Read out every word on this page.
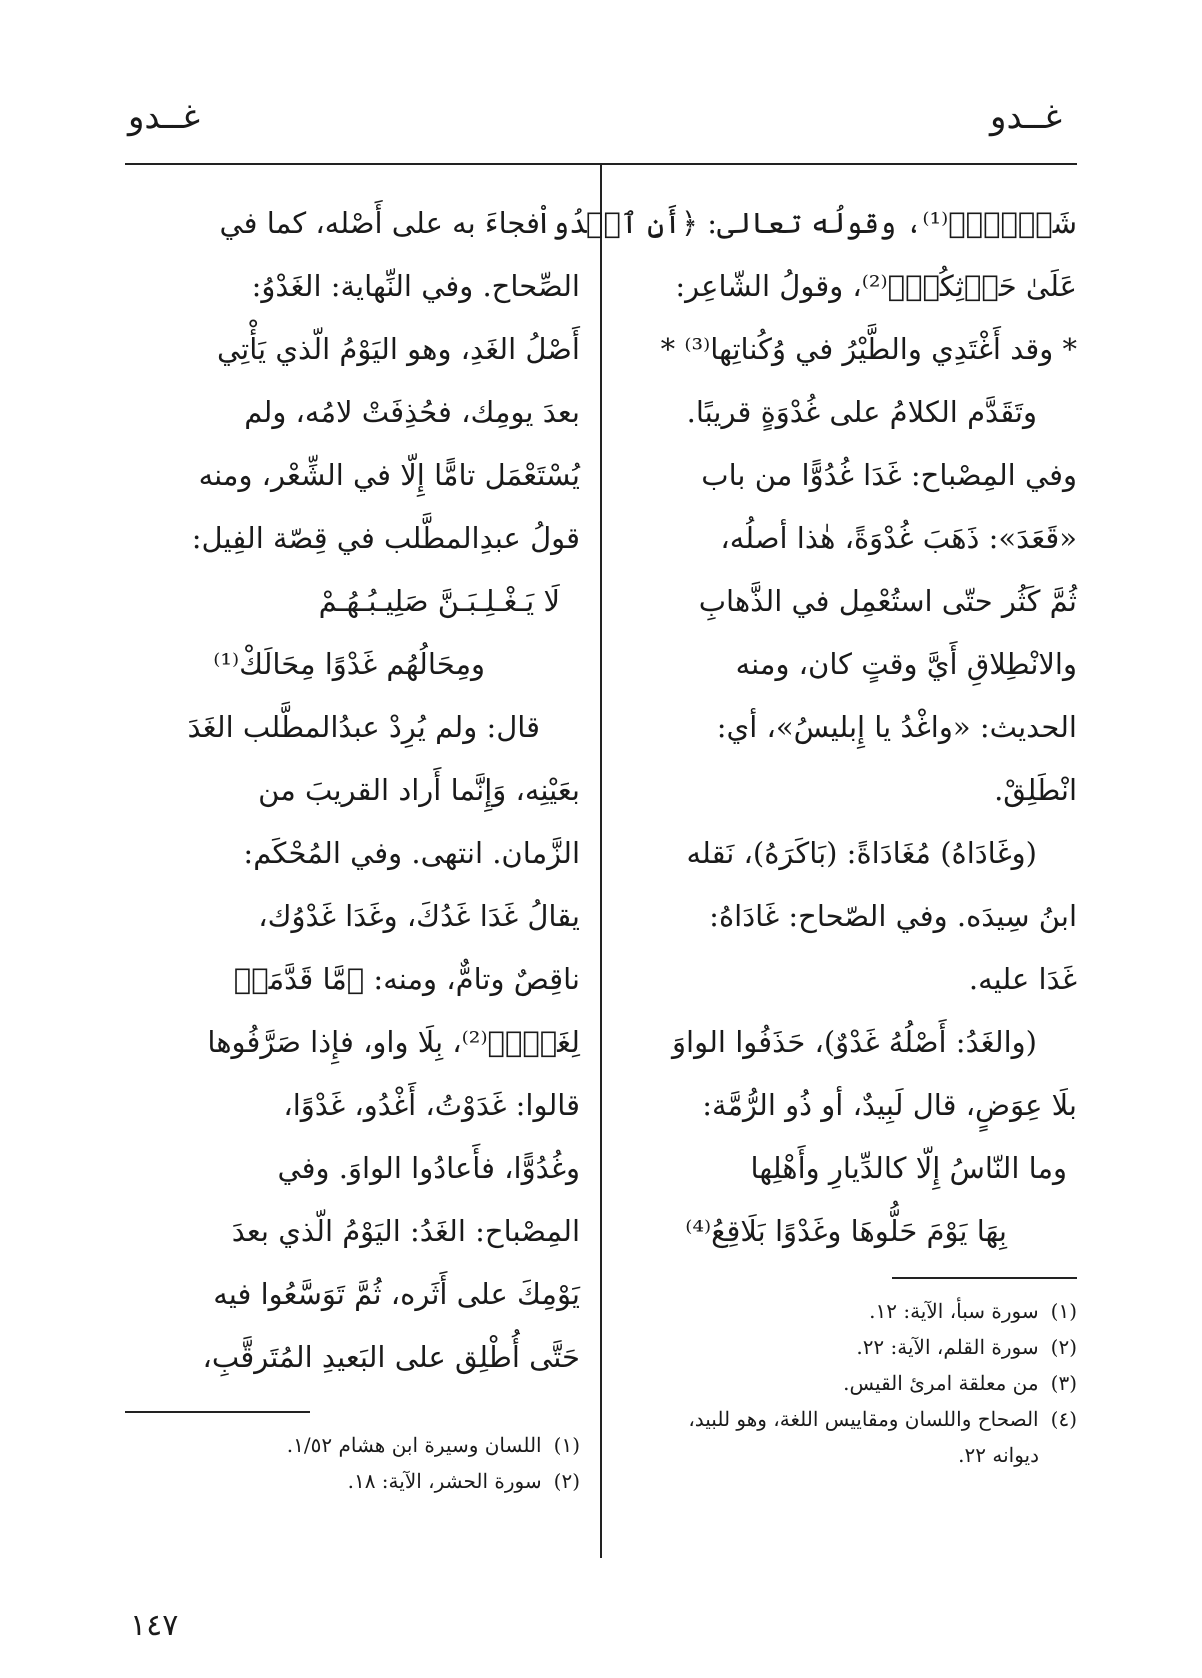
غــدو
غــدو
شَهۡرٞۖ﴾⁽¹⁾، وقولُه تعالى: ﴿أَنِ ٱغۡدُواْ
عَلَىٰ حَرۡثِكُمۡ﴾⁽²⁾، وقولُ الشّاعِر:
* وقد أَغْتَدِي والطَّيْرُ في وُكُناتِها⁽³⁾ *
وتَقَدَّم الكلامُ على غُدْوَةٍ قريبًا.
وفي المِصْباح: غَدَا غُدُوًّا من باب
«قَعَدَ»: ذَهَبَ غُدْوَةً، هٰذا أصلُه،
ثُمَّ كَثُر حتّى استُعْمِل في الذَّهابِ
والانْطِلاقِ أَيَّ وقتٍ كان، ومنه
الحديث: «واغْدُ يا إِبليسُ»، أي:
انْطَلِقْ.
(وغَادَاهُ) مُغَادَاةً: (بَاكَرَهُ)، نَقله
ابنُ سِيدَه. وفي الصّحاح: غَادَاهُ:
غَدَا عليه.
(والغَدُ: أَصْلُهُ غَدْوٌ)، حَذَفُوا الواوَ
بلَا عِوَضٍ، قال لَبِيدٌ، أو ذُو الرُّمَّة:
وما النّاسُ إِلّا كالدِّيارِ وأَهْلِها
بِهَا يَوْمَ حَلُّوهَا وغَدْوًا بَلَاقِعُ⁽⁴⁾
(١)سورة سبأ، الآية: ١٢.
(٢)سورة القلم، الآية: ٢٢.
(٣)من معلقة امرئ القيس.
(٤)الصحاح واللسان ومقاييس اللغة، وهو للبيد،
ديوانه ٢٢.
فجاءَ به على أَصْله، كما في
الصِّحاح. وفي النِّهاية: الغَدْوُ:
أَصْلُ الغَدِ، وهو اليَوْمُ الّذي يَأْتِي
بعدَ يومِك، فحُذِفَتْ لامُه، ولم
يُسْتَعْمَل تامًّا إِلّا في الشِّعْر، ومنه
قولُ عبدِالمطَّلب في قِصّة الفِيل:
لَا يَـغْـلِـبَـنَّ صَلِيـبُـهُـمْ
ومِحَالُهُم غَدْوًا مِحَالَكْ⁽¹⁾
قال: ولم يُرِدْ عبدُالمطَّلب الغَدَ
بعَيْنِه، وَإِنَّما أَراد القريبَ من
الزَّمان. انتهى. وفي المُحْكَم:
يقالُ غَدَا غَدُكَ، وغَدَا غَدْوُك،
ناقِصٌ وتامٌّ، ومنه: ﴿مَّا قَدَّمَتۡ
لِغَدٖۖ﴾⁽²⁾، بِلَا واو، فإِذا صَرَّفُوها
قالوا: غَدَوْتُ، أَغْدُو، غَدْوًا،
وغُدُوًّا، فأَعادُوا الواوَ. وفي
المِصْباح: الغَدُ: اليَوْمُ الّذي بعدَ
يَوْمِكَ على أَثَره، ثُمَّ تَوَسَّعُوا فيه
حَتَّى أُطْلِق على البَعيدِ المُتَرقَّبِ،
(١)اللسان وسيرة ابن هشام ١/٥٢.
(٢)سورة الحشر، الآية: ١٨.
١٤٧
